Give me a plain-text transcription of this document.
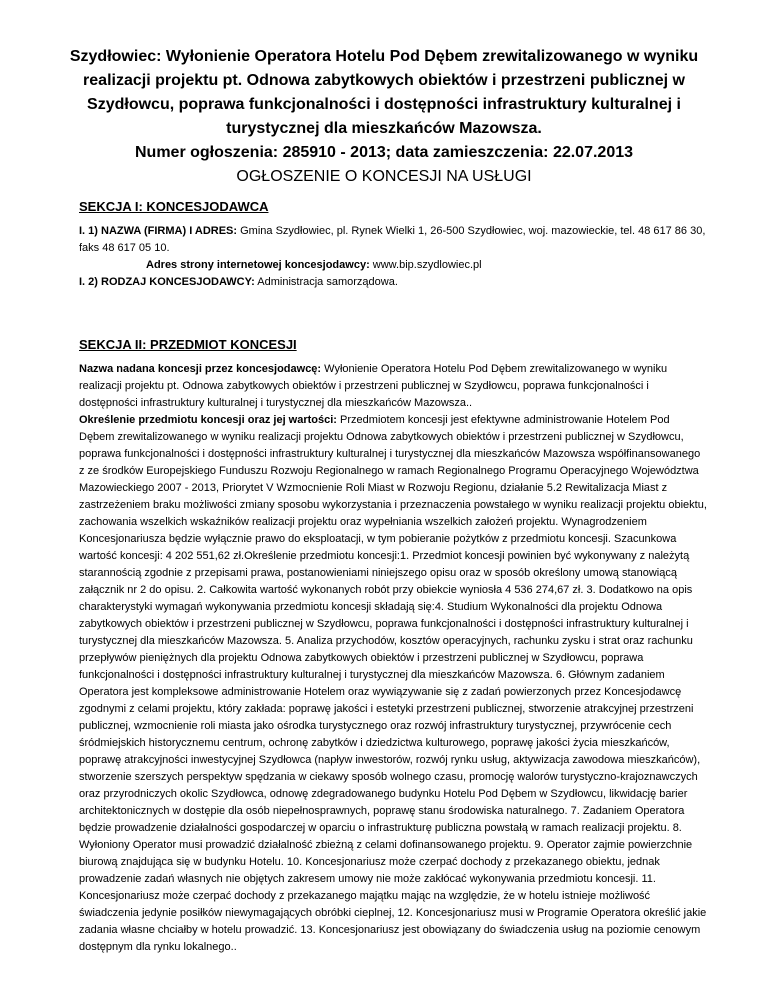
Szydłowiec: Wyłonienie Operatora Hotelu Pod Dębem zrewitalizowanego w wyniku realizacji projektu pt. Odnowa zabytkowych obiektów i przestrzeni publicznej w Szydłowcu, poprawa funkcjonalności i dostępności infrastruktury kulturalnej i turystycznej dla mieszkańców Mazowsza.

Numer ogłoszenia: 285910 - 2013; data zamieszczenia: 22.07.2013

OGŁOSZENIE O KONCESJI NA USŁUGI

SEKCJA I: KONCESJODAWCA

I. 1) NAZWA (FIRMA) I ADRES: Gmina Szydłowiec, pl. Rynek Wielki 1, 26-500 Szydłowiec, woj. mazowieckie, tel. 48 617 86 30, faks 48 617 05 10.

Adres strony internetowej koncesjodawcy: www.bip.szydlowiec.pl

I. 2) RODZAJ KONCESJODAWCY: Administracja samorządowa.

SEKCJA II: PRZEDMIOT KONCESJI

Nazwa nadana koncesji przez koncesjodawcę: Wyłonienie Operatora Hotelu Pod Dębem zrewitalizowanego w wyniku realizacji projektu pt. Odnowa zabytkowych obiektów i przestrzeni publicznej w Szydłowcu, poprawa funkcjonalności i dostępności infrastruktury kulturalnej i turystycznej dla mieszkańców Mazowsza..

Określenie przedmiotu koncesji oraz jej wartości: Przedmiotem koncesji jest efektywne administrowanie Hotelem Pod Dębem zrewitalizowanego w wyniku realizacji projektu Odnowa zabytkowych obiektów i przestrzeni publicznej w Szydłowcu, poprawa funkcjonalności i dostępności infrastruktury kulturalnej i turystycznej dla mieszkańców Mazowsza współfinansowanego z ze środków Europejskiego Funduszu Rozwoju Regionalnego w ramach Regionalnego Programu Operacyjnego Województwa Mazowieckiego 2007 - 2013, Priorytet V Wzmocnienie Roli Miast w Rozwoju Regionu, działanie 5.2 Rewitalizacja Miast z zastrzeżeniem braku możliwości zmiany sposobu wykorzystania i przeznaczenia powstałego w wyniku realizacji projektu obiektu, zachowania wszelkich wskaźników realizacji projektu oraz wypełniania wszelkich założeń projektu. Wynagrodzeniem Koncesjonariusza będzie wyłącznie prawo do eksploatacji, w tym pobieranie pożytków z przedmiotu koncesji. Szacunkowa wartość koncesji: 4 202 551,62 zł.Określenie przedmiotu koncesji:1. Przedmiot koncesji powinien być wykonywany z należytą starannością zgodnie z przepisami prawa, postanowieniami niniejszego opisu oraz w sposób określony umową stanowiącą załącznik nr 2 do opisu. 2. Całkowita wartość wykonanych robót przy obiekcie wyniosła 4 536 274,67 zł. 3. Dodatkowo na opis charakterystyki wymagań wykonywania przedmiotu koncesji składają się:4. Studium Wykonalności dla projektu Odnowa zabytkowych obiektów i przestrzeni publicznej w Szydłowcu, poprawa funkcjonalności i dostępności infrastruktury kulturalnej i turystycznej dla mieszkańców Mazowsza. 5. Analiza przychodów, kosztów operacyjnych, rachunku zysku i strat oraz rachunku przepływów pieniężnych dla projektu Odnowa zabytkowych obiektów i przestrzeni publicznej w Szydłowcu, poprawa funkcjonalności i dostępności infrastruktury kulturalnej i turystycznej dla mieszkańców Mazowsza. 6. Głównym zadaniem Operatora jest kompleksowe administrowanie Hotelem oraz wywiązywanie się z zadań powierzonych przez Koncesjodawcę zgodnymi z celami projektu, który zakłada: poprawę jakości i estetyki przestrzeni publicznej, stworzenie atrakcyjnej przestrzeni publicznej, wzmocnienie roli miasta jako ośrodka turystycznego oraz rozwój infrastruktury turystycznej, przywrócenie cech śródmiejskich historycznemu centrum, ochronę zabytków i dziedzictwa kulturowego, poprawę jakości życia mieszkańców, poprawę atrakcyjności inwestycyjnej Szydłowca (napływ inwestorów, rozwój rynku usług, aktywizacja zawodowa mieszkańców), stworzenie szerszych perspektyw spędzania w ciekawy sposób wolnego czasu, promocję walorów turystyczno-krajoznawczych oraz przyrodniczych okolic Szydłowca, odnowę zdegradowanego budynku Hotelu Pod Dębem w Szydłowcu, likwidację barier architektonicznych w dostępie dla osób niepełnosprawnych, poprawę stanu środowiska naturalnego. 7. Zadaniem Operatora będzie prowadzenie działalności gospodarczej w oparciu o infrastrukturę publiczna powstałą w ramach realizacji projektu. 8. Wyłoniony Operator musi prowadzić działalność zbieżną z celami dofinansowanego projektu. 9. Operator zajmie powierzchnie biurową znajdująca się w budynku Hotelu. 10. Koncesjonariusz może czerpać dochody z przekazanego obiektu, jednak prowadzenie zadań własnych nie objętych zakresem umowy nie może zakłócać wykonywania przedmiotu koncesji. 11. Koncesjonariusz może czerpać dochody z przekazanego majątku mając na względzie, że w hotelu istnieje możliwość świadczenia jedynie posiłków niewymagających obróbki cieplnej, 12. Koncesjonariusz musi w Programie Operatora określić jakie zadania własne chciałby w hotelu prowadzić. 13. Koncesjonariusz jest obowiązany do świadczenia usług na poziomie cenowym dostępnym dla rynku lokalnego..
